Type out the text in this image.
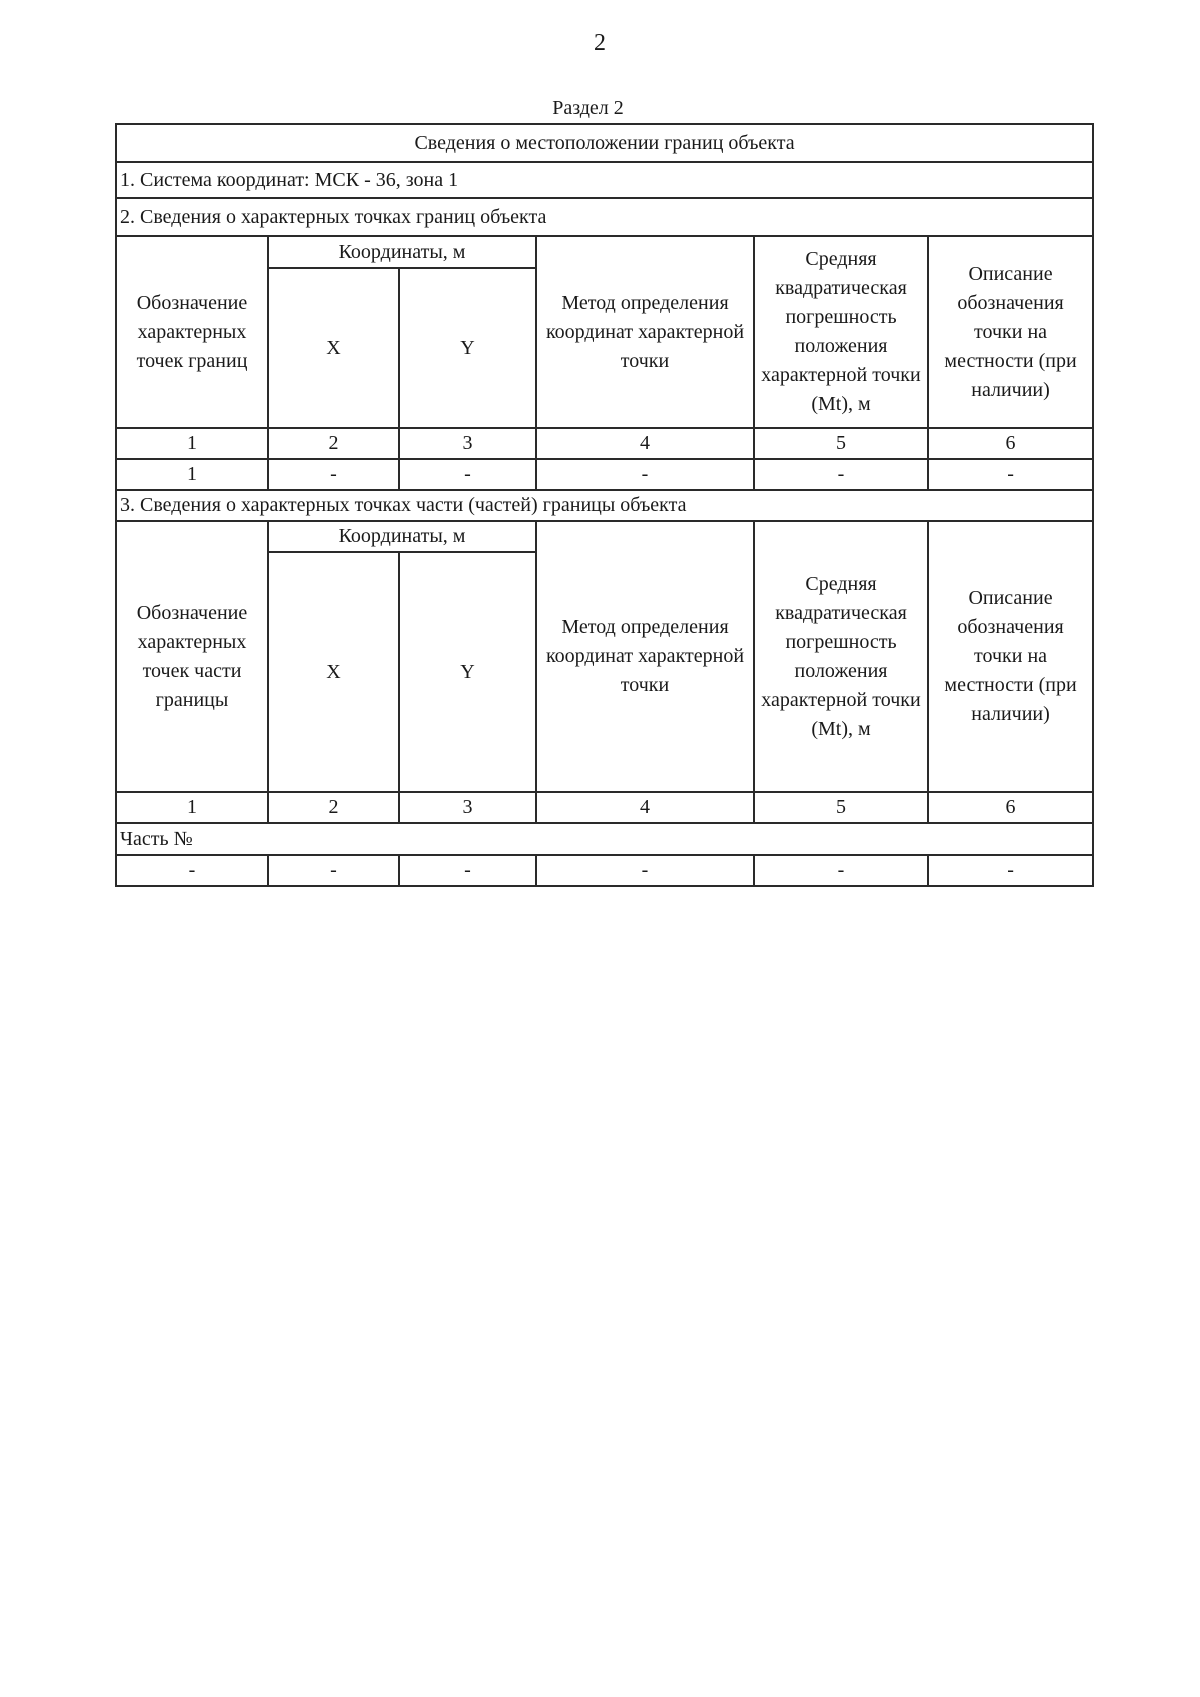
2
Раздел 2
Сведения о местоположении границ объекта					
1. Система координат: МСК - 36, зона 1					
2. Сведения о характерных точках границ объекта					
Обозначение характерных точек границ	Координаты, м		Метод определения координат характерной точки	Средняя квадратическая погрешность положения характерной точки (Mt), м	Описание обозначения точки на местности (при наличии)
	X	Y			
1	2	3	4	5	6
1	-	-	-	-	-
3. Сведения о характерных точках части (частей) границы объекта					
Обозначение характерных точек части границы	Координаты, м		Метод определения координат характерной точки	Средняя квадратическая погрешность положения характерной точки (Mt), м	Описание обозначения точки на местности (при наличии)
	X	Y			
1	2	3	4	5	6
Часть №					
-	-	-	-	-	-
